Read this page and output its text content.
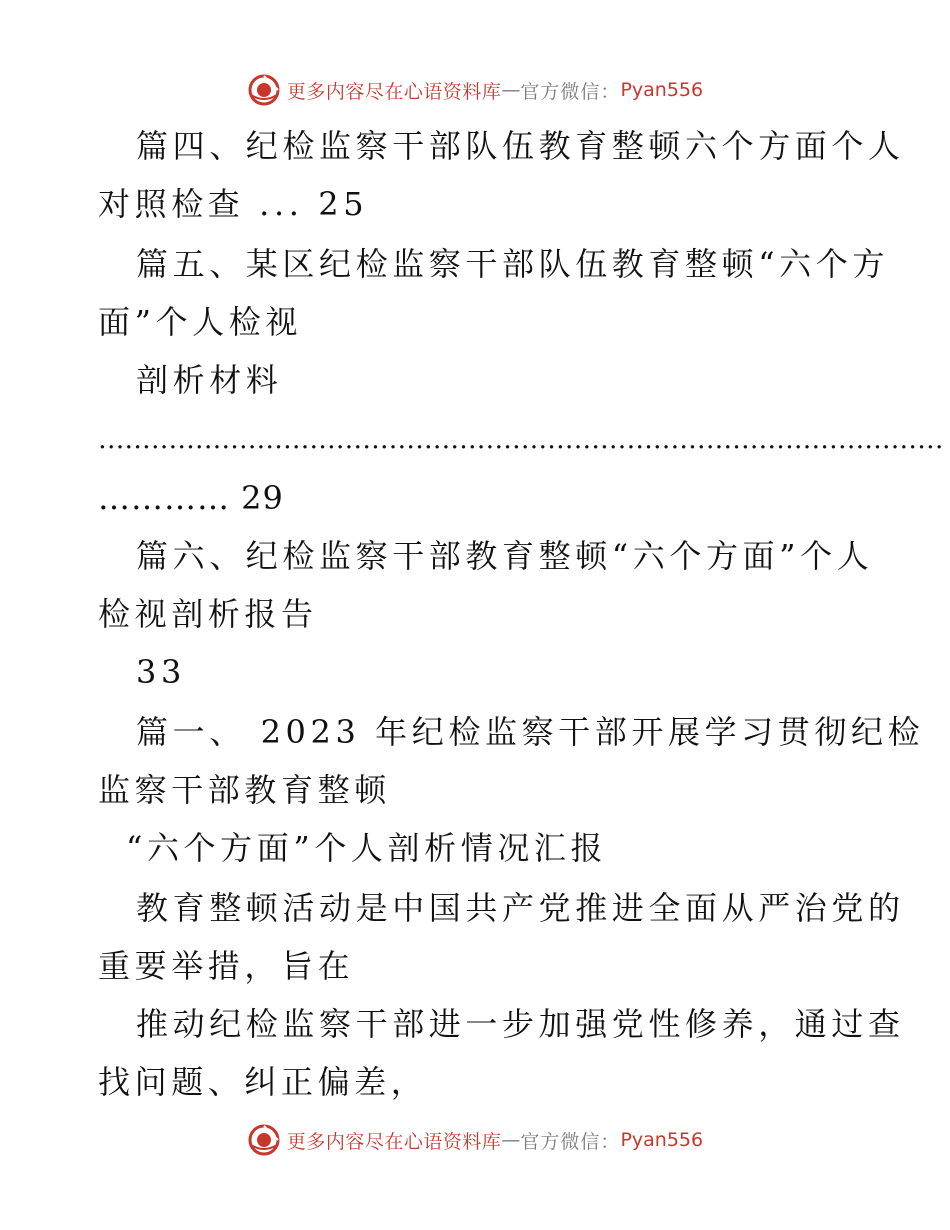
更多内容尽在心语资料库 — 官方微信： Pyan556
篇四、纪检监察干部队伍教育整顿六个方面个人
对照检查 ... 25
篇五、某区纪检监察干部队伍教育整顿“六个方
面”个人检视
剖析材料
……………………………………………………………………………………
………… 29
篇六、纪检监察干部教育整顿“六个方面”个人
检视剖析报告
33
篇一、 2023 年纪检监察干部开展学习贯彻纪检
监察干部教育整顿
“六个方面”个人剖析情况汇报
教育整顿活动是中国共产党推进全面从严治党的
重要举措，旨在
推动纪检监察干部进一步加强党性修养，通过查
找问题、纠正偏差，
更多内容尽在心语资料库 — 官方微信： Pyan556
